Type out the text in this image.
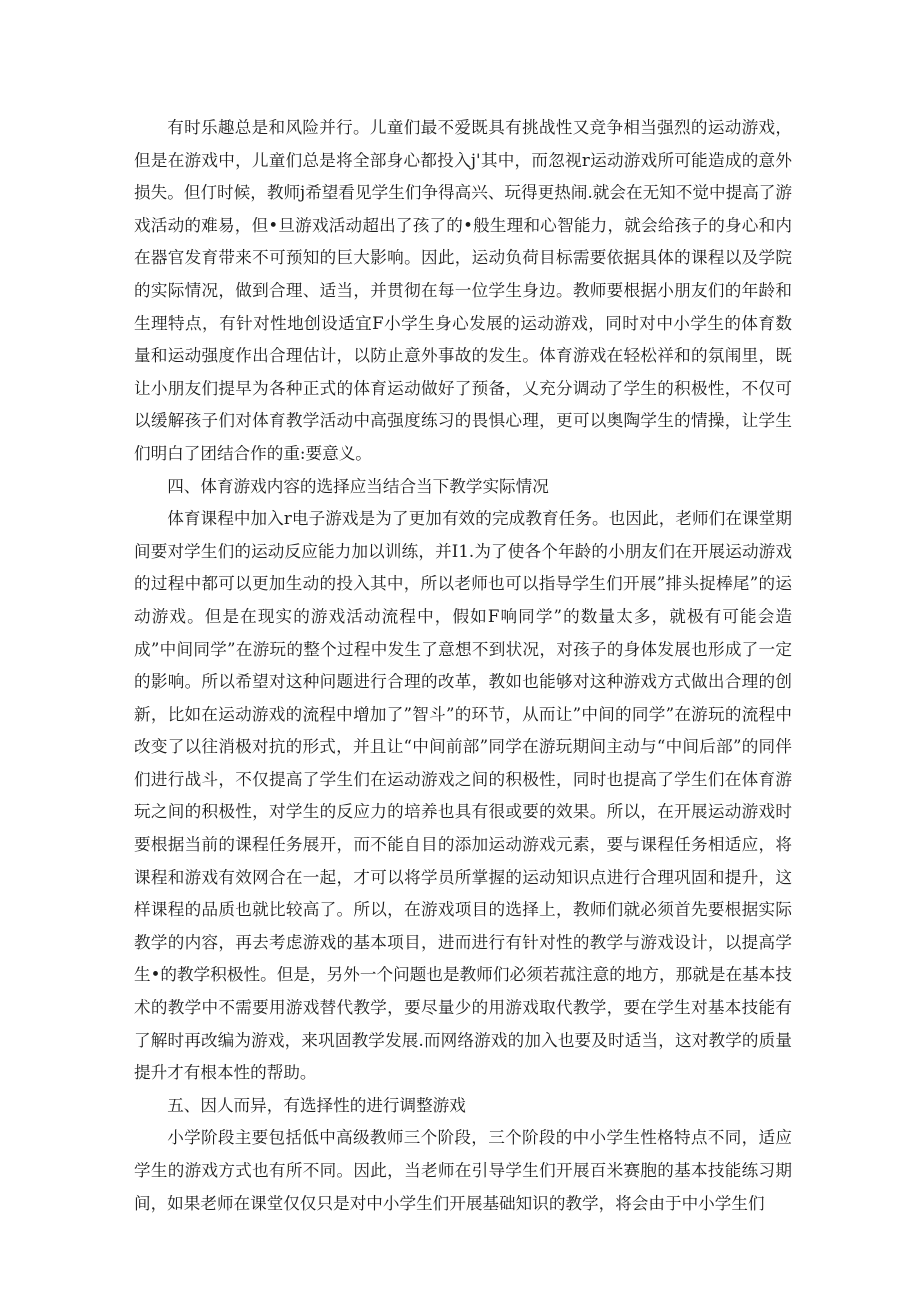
有时乐趣总是和风险并行。儿童们最不爱既具有挑战性又竞争相当强烈的运动游戏，但是在游戏中，儿童们总是将全部身心都投入j'其中，而忽视r运动游戏所可能造成的意外损失。但仃时候，教师j希望看见学生们争得高兴、玩得更热闹.就会在无知不觉中提高了游戏活动的难易，但•旦游戏活动超出了孩了的•般生理和心智能力，就会给孩子的身心和内在器官发育带来不可预知的巨大影响。因此，运动负荷目标需要依据具体的课程以及学院的实际情况，做到合理、适当，并贯彻在每一位学生身边。教师要根据小朋友们的年龄和生理特点，有针对性地创设适宜F小学生身心发展的运动游戏，同时对中小学生的体育数量和运动强度作出合理估计，以防止意外事故的发生。体育游戏在轻松祥和的氛闱里，既让小朋友们提早为各种正式的体育运动做好了预备，乂充分调动了学生的积极性，不仅可以缓解孩子们对体育教学活动中高强度练习的畏惧心理，更可以奥陶学生的情操，让学生们明白了团结合作的重:要意义。

四、体育游戏内容的选择应当结合当下教学实际情况

体育课程中加入r电子游戏是为了更加有效的完成教育任务。也因此，老师们在课堂期间要对学生们的运动反应能力加以训练，并I1.为了使各个年龄的小朋友们在开展运动游戏的过程中都可以更加生动的投入其中，所以老师也可以指导学生们开展”排头捉棒尾”的运动游戏。但是在现实的游戏活动流程中，假如F响同学”的数量太多，就极有可能会造成”中间同学”在游玩的整个过程中发生了意想不到状况，对孩子的身体发展也形成了一定的影响。所以希望对这种问题进行合理的改革，教如也能够对这种游戏方式做出合理的创新，比如在运动游戏的流程中增加了”智斗”的环节，从而让”中间的同学”在游玩的流程中改变了以往消极对抗的形式，并且让“中间前部”同学在游玩期间主动与“中间后部”的同伴们进行战斗，不仅提高了学生们在运动游戏之间的积极性，同时也提高了学生们在体育游玩之间的积极性，对学生的反应力的培养也具有很或要的效果。所以，在开展运动游戏时要根据当前的课程任务展开，而不能自目的添加运动游戏元素，要与课程任务相适应，将课程和游戏有效网合在一起，才可以将学员所掌握的运动知识点进行合理巩固和提升，这样课程的品质也就比较高了。所以，在游戏项目的选择上，教师们就必须首先要根据实际教学的内容，再去考虑游戏的基本项目，进而进行有针对性的教学与游戏设计，以提高学生•的教学积极性。但是，另外一个问题也是教师们必须若菰注意的地方，那就是在基本技术的教学中不需要用游戏替代教学，要尽量少的用游戏取代教学，要在学生对基本技能有了解时再改编为游戏，来巩固教学发展.而网络游戏的加入也要及时适当，这对教学的质量提升才有根本性的帮助。

五、因人而异，有选择性的进行调整游戏

小学阶段主要包括低中高级教师三个阶段，三个阶段的中小学生性格特点不同，适应学生的游戏方式也有所不同。因此，当老师在引导学生们开展百米赛胞的基本技能练习期间，如果老师在课堂仅仅只是对中小学生们开展基础知识的教学，将会由于中小学生们
